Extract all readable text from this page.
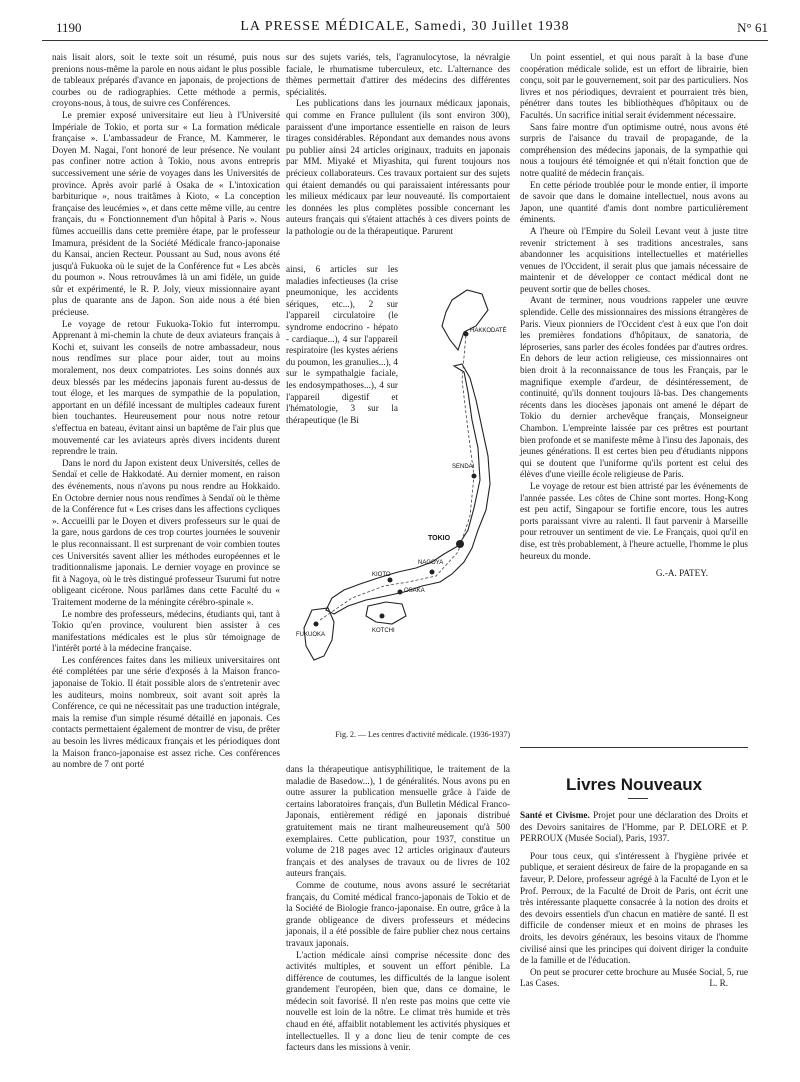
1190	LA PRESSE MÉDICALE, Samedi, 30 Juillet 1938	N° 61

nais lisait alors, soit le texte soit un résumé, puis nous prenions nous-même la parole en nous aidant le plus possible de tableaux préparés d'avance en japonais, de projections de courbes ou de radiographies. Cette méthode a permis, croyons-nous, à tous, de suivre ces Conférences.

Le premier exposé universitaire eut lieu à l'Université Impériale de Tokio, et porta sur « La formation médicale française ». L'ambassadeur de France, M. Kammerer, le Doyen M. Nagai, l'ont honoré de leur présence. Ne voulant pas confiner notre action à Tokio, nous avons entrepris successivement une série de voyages dans les Universités de province. Après avoir parlé à Osaka de « L'intoxication barbiturique », nous traitâmes à Kioto, « La conception française des leucémies », et dans cette même ville, au centre français, du « Fonctionnement d'un hôpital à Paris ». Nous fûmes accueillis dans cette première étape, par le professeur Imamura, président de la Société Médicale franco-japonaise du Kansai, ancien Recteur. Poussant au Sud, nous avons été jusqu'à Fukuoka où le sujet de la Conférence fut « Les abcès du poumon ». Nous retrouvâmes là un ami fidèle, un guide sûr et expérimenté, le R. P. Joly, vieux missionnaire ayant plus de quarante ans de Japon. Son aide nous a été bien précieuse.

Le voyage de retour Fukuoka-Tokio fut interrompu. Apprenant à mi-chemin la chute de deux aviateurs français à Kochi et, suivant les conseils de notre ambassadeur, nous nous rendîmes sur place pour aider, tout au moins moralement, nos deux compatriotes. Les soins donnés aux deux blessés par les médecins japonais furent au-dessus de tout éloge, et les marques de sympathie de la population, apportant en un défilé incessant de multiples cadeaux furent bien touchantes. Heureusement pour nous notre retour s'effectua en bateau, évitant ainsi un baptême de l'air plus que mouvementé car les aviateurs après divers incidents durent reprendre le train.

Dans le nord du Japon existent deux Universités, celles de Sendaï et celle de Hakkodaté. Au dernier moment, en raison des événements, nous n'avons pu nous rendre au Hokkaido. En Octobre dernier nous nous rendîmes à Sendaï où le thème de la Conférence fut « Les crises dans les affections cycliques ». Accueilli par le Doyen et divers professeurs sur le quai de la gare, nous gardons de ces trop courtes journées le souvenir le plus reconnaissant. Il est surprenant de voir combien toutes ces Universités savent allier les méthodes européennes et le traditionnalisme japonais. Le dernier voyage en province se fit à Nagoya, où le très distingué professeur Tsurumi fut notre obligeant cicérone. Nous parlâmes dans cette Faculté du « Traitement moderne de la méningite cérébro-spinale ».

Le nombre des professeurs, médecins, étudiants qui, tant à Tokio qu'en province, voulurent bien assister à ces manifestations médicales est le plus sûr témoignage de l'intérêt porté à la médecine française.

Les conférences faites dans les milieux universitaires ont été complétées par une série d'exposés à la Maison franco-japonaise de Tokio. Il était possible alors de s'entretenir avec les auditeurs, moins nombreux, soit avant soit après la Conférence, ce qui ne nécessitait pas une traduction intégrale, mais la remise d'un simple résumé détaillé en japonais. Ces contacts permettaient également de montrer de visu, de prêter au besoin les livres médicaux français et les périodiques dont la Maison franco-japonaise est assez riche. Ces conférences au nombre de 7 ont porté

sur des sujets variés, tels, l'agranulocytose, la névralgie faciale, le rhumatisme tuberculeux, etc. L'alternance des thèmes permettait d'attirer des médecins des différentes spécialités.

Les publications dans les journaux médicaux japonais, qui comme en France pullulent (ils sont environ 300), paraissent d'une importance essentielle en raison de leurs tirages considérables. Répondant aux demandes nous avons pu publier ainsi 24 articles originaux, traduits en japonais par MM. Miyaké et Miyashita, qui furent toujours nos précieux collaborateurs. Ces travaux portaient sur des sujets qui étaient demandés ou qui paraissaient intéressants pour les milieux médicaux par leur nouveauté. Ils comportaient les données les plus complètes possible concernant les auteurs français qui s'étaient attachés à ces divers points de la pathologie ou de la thérapeutique. Parurent

ainsi, 6 articles sur les maladies infectieuses (la crise pneumonique, les accidents sériques, etc...), 2 sur l'appareil circulatoire (le syndrome endocrino - hépato - cardiaque...), 4 sur l'appareil respiratoire (les kystes aériens du poumon, les granulies...), 4 sur le sympathalgie faciale, les endosympathoses...), 4 sur l'appareil digestif et l'hématologie, 3 sur la thérapeutique (le Bi
HAKKODATÉ
SENDAI
TOKIO
NAGOYA
KIOTO
OSAKA
KOTCHI
FUKUOKA
Fig. 2. — Les centres d'activité médicale. (1936-1937)

dans la thérapeutique antisyphilitique, le traitement de la maladie de Basedow...), 1 de généralités. Nous avons pu en outre assurer la publication mensuelle grâce à l'aide de certains laboratoires français, d'un Bulletin Médical Franco-Japonais, entièrement rédigé en japonais distribué gratuitement mais ne tirant malheureusement qu'à 500 exemplaires. Cette publication, pour 1937, constitue un volume de 218 pages avec 12 articles originaux d'auteurs français et des analyses de travaux ou de livres de 102 auteurs français.

Comme de coutume, nous avons assuré le secrétariat français, du Comité médical franco-japonais de Tokio et de la Société de Biologie franco-japonaise. En outre, grâce à la grande obligeance de divers professeurs et médecins japonais, il a été possible de faire publier chez nous certains travaux japonais.

L'action médicale ainsi comprise nécessite donc des activités multiples, et souvent un effort pénible. La différence de coutumes, les difficultés de la langue isolent grandement l'européen, bien que, dans ce domaine, le médecin soit favorisé. Il n'en reste pas moins que cette vie nouvelle est loin de la nôtre. Le climat très humide et très chaud en été, affaiblit notablement les activités physiques et intellectuelles. Il y a donc lieu de tenir compte de ces facteurs dans les missions à venir.

Un point essentiel, et qui nous paraît à la base d'une coopération médicale solide, est un effort de librairie, bien conçu, soit par le gouvernement, soit par des particuliers. Nos livres et nos périodiques, devraient et pourraient très bien, pénétrer dans toutes les bibliothèques d'hôpitaux ou de Facultés. Un sacrifice initial serait évidemment nécessaire.

Sans faire montre d'un optimisme outré, nous avons été surpris de l'aisance du travail de propagande, de la compréhension des médecins japonais, de la sympathie qui nous a toujours été témoignée et qui n'était fonction que de notre qualité de médecin français.

En cette période troublée pour le monde entier, il importe de savoir que dans le domaine intellectuel, nous avons au Japon, une quantité d'amis dont nombre particulièrement éminents.

A l'heure où l'Empire du Soleil Levant veut à juste titre revenir strictement à ses traditions ancestrales, sans abandonner les acquisitions intellectuelles et matérielles venues de l'Occident, il serait plus que jamais nécessaire de maintenir et de développer ce contact médical dont ne peuvent sortir que de belles choses.

Avant de terminer, nous voudrions rappeler une œuvre splendide. Celle des missionnaires des missions étrangères de Paris. Vieux pionniers de l'Occident c'est à eux que l'on doit les premières fondations d'hôpitaux, de sanatoria, de léproseries, sans parler des écoles fondées par d'autres ordres. En dehors de leur action religieuse, ces missionnaires ont bien droit à la reconnaissance de tous les Français, par le magnifique exemple d'ardeur, de désintéressement, de continuité, qu'ils donnent toujours là-bas. Des changements récents dans les diocèses japonais ont amené le départ de Tokio du dernier archevêque français, Monseigneur Chambon. L'empreinte laissée par ces prêtres est pourtant bien profonde et se manifeste même à l'insu des Japonais, des jeunes générations. Il est certes bien peu d'étudiants nippons qui se doutent que l'uniforme qu'ils portent est celui des élèves d'une vieille école religieuse de Paris.

Le voyage de retour est bien attristé par les événements de l'année passée. Les côtes de Chine sont mortes. Hong-Kong est peu actif, Singapour se fortifie encore, tous les autres ports paraissant vivre au ralenti. Il faut parvenir à Marseille pour retrouver un sentiment de vie. Le Français, quoi qu'il en dise, est très probablement, à l'heure actuelle, l'homme le plus heureux du monde.

G.-A. PATEY.

Livres Nouveaux

Santé et Civisme. Projet pour une déclaration des Droits et des Devoirs sanitaires de l'Homme, par P. DELORE et P. PERROUX (Musée Social), Paris, 1937.

Pour tous ceux, qui s'intéressent à l'hygiène privée et publique, et seraient désireux de faire de la propagande en sa faveur, P. Delore, professeur agrégé à la Faculté de Lyon et le Prof. Perroux, de la Faculté de Droit de Paris, ont écrit une très intéressante plaquette consacrée à la notion des droits et des devoirs essentiels d'un chacun en matière de santé. Il est difficile de condenser mieux et en moins de phrases les droits, les devoirs généraux, les besoins vitaux de l'homme civilisé ainsi que les principes qui doivent diriger la conduite de la famille et de l'éducation.

On peut se procurer cette brochure au Musée Social, 5, rue Las Cases.	L. R.
